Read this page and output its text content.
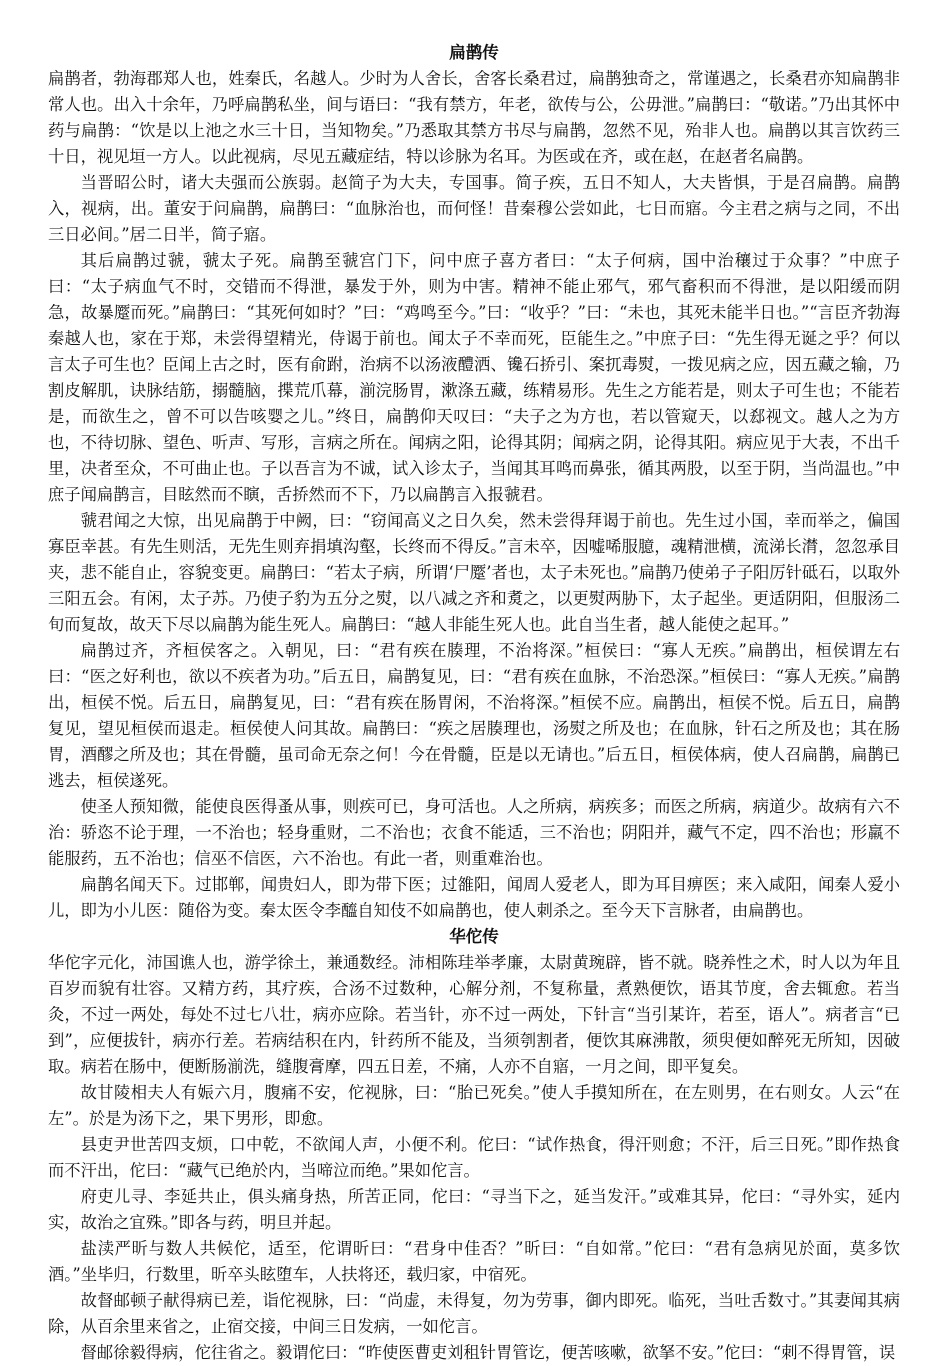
扁鹊传

扁鹊者，勃海郡郑人也，姓秦氏，名越人。少时为人舍长，舍客长桑君过，扁鹊独奇之，常谨遇之，长桑君亦知扁鹊非常人也。出入十余年，乃呼扁鹊私坐，间与语曰：“我有禁方，年老，欲传与公，公毋泄。”扁鹊曰：“敬诺。”乃出其怀中药与扁鹊：“饮是以上池之水三十日，当知物矣。”乃悉取其禁方书尽与扁鹊，忽然不见，殆非人也。扁鹊以其言饮药三十日，视见垣一方人。以此视病，尽见五藏症结，特以诊脉为名耳。为医或在齐，或在赵，在赵者名扁鹊。

当晋昭公时，诸大夫强而公族弱。赵简子为大夫，专国事。简子疾，五日不知人，大夫皆惧，于是召扁鹊。扁鹊入，视病，出。董安于问扁鹊，扁鹊曰：“血脉治也，而何怪！昔秦穆公尝如此，七日而寤。今主君之病与之同，不出三日必间。”居二日半，简子寤。

其后扁鹊过虢，虢太子死。扁鹊至虢宫门下，问中庶子喜方者曰：“太子何病，国中治穰过于众事？”中庶子曰：“太子病血气不时，交错而不得泄，暴发于外，则为中害。精神不能止邪气，邪气畜积而不得泄，是以阳缓而阴急，故暴蹷而死。”扁鹊曰：“其死何如时？”曰：“鸡鸣至今。”曰：“收乎？”曰：“未也，其死未能半日也。”“言臣齐勃海秦越人也，家在于郑，未尝得望精光，侍谒于前也。闻太子不幸而死，臣能生之。”中庶子曰：“先生得无诞之乎？何以言太子可生也？臣闻上古之时，医有俞跗，治病不以汤液醴洒、镵石挢引、案扤毒熨，一拨见病之应，因五藏之输，乃割皮解肌，诀脉结筋，搦髓脑，揲荒爪幕，湔浣肠胃，漱涤五藏，练精易形。先生之方能若是，则太子可生也；不能若是，而欲生之，曾不可以告咳婴之儿。”终日，扁鹊仰天叹曰：“夫子之为方也，若以管窥天，以郄视文。越人之为方也，不待切脉、望色、听声、写形，言病之所在。闻病之阳，论得其阴；闻病之阴，论得其阳。病应见于大表，不出千里，决者至众，不可曲止也。子以吾言为不诚，试入诊太子，当闻其耳鸣而鼻张，循其两股，以至于阴，当尚温也。”中庶子闻扁鹊言，目眩然而不瞚，舌挢然而不下，乃以扁鹊言入报虢君。

虢君闻之大惊，出见扁鹊于中阙，曰：“窃闻高义之日久矣，然未尝得拜谒于前也。先生过小国，幸而举之，偏国寡臣幸甚。有先生则活，无先生则弃捐填沟壑，长终而不得反。”言未卒，因嘘唏服臆，魂精泄横，流涕长潸，忽忽承目夹，悲不能自止，容貌变更。扁鹊曰：“若太子病，所谓‘尸蹷’者也，太子未死也。”扁鹊乃使弟子子阳厉针砥石，以取外三阳五会。有闲，太子苏。乃使子豹为五分之熨，以八减之齐和煑之，以更熨两胁下，太子起坐。更适阴阳，但服汤二旬而复故，故天下尽以扁鹊为能生死人。扁鹊曰：“越人非能生死人也。此自当生者，越人能使之起耳。”

扁鹊过齐，齐桓侯客之。入朝见，曰：“君有疾在腠理，不治将深。”桓侯曰：“寡人无疾。”扁鹊出，桓侯谓左右曰：“医之好利也，欲以不疾者为功。”后五日，扁鹊复见，曰：“君有疾在血脉，不治恐深。”桓侯曰：“寡人无疾。”扁鹊出，桓侯不悦。后五日，扁鹊复见，曰：“君有疾在肠胃闲，不治将深。”桓侯不应。扁鹊出，桓侯不悦。后五日，扁鹊复见，望见桓侯而退走。桓侯使人问其故。扁鹊曰：“疾之居腠理也，汤熨之所及也；在血脉，针石之所及也；其在肠胃，酒醪之所及也；其在骨髓，虽司命无奈之何！今在骨髓，臣是以无请也。”后五日，桓侯体病，使人召扁鹊，扁鹊已逃去，桓侯遂死。

使圣人预知微，能使良医得蚤从事，则疾可已，身可活也。人之所病，病疾多；而医之所病，病道少。故病有六不治：骄恣不论于理，一不治也；轻身重财，二不治也；衣食不能适，三不治也；阴阳并，藏气不定，四不治也；形羸不能服药，五不治也；信巫不信医，六不治也。有此一者，则重难治也。

扁鹊名闻天下。过邯郸，闻贵妇人，即为带下医；过雒阳，闻周人爱老人，即为耳目痹医；来入咸阳，闻秦人爱小儿，即为小儿医：随俗为变。秦太医令李醯自知伎不如扁鹊也，使人刺杀之。至今天下言脉者，由扁鹊也。

华佗传

华佗字元化，沛国谯人也，游学徐土，兼通数经。沛相陈珪举孝廉，太尉黄琬辟，皆不就。晓养性之术，时人以为年且百岁而貌有壮容。又精方药，其疗疾，合汤不过数种，心解分剂，不复称量，煮熟便饮，语其节度，舍去辄愈。若当灸，不过一两处，每处不过七八壮，病亦应除。若当针，亦不过一两处，下针言“当引某许，若至，语人”。病者言“已到”，应便拔针，病亦行差。若病结积在内，针药所不能及，当须刳割者，便饮其麻沸散，须臾便如醉死无所知，因破取。病若在肠中，便断肠湔洗，缝腹膏摩，四五日差，不痛，人亦不自寤，一月之间，即平复矣。

故甘陵相夫人有娠六月，腹痛不安，佗视脉，曰：“胎已死矣。”使人手摸知所在，在左则男，在右则女。人云“在左”。於是为汤下之，果下男形，即愈。

县吏尹世苦四支烦，口中乾，不欲闻人声，小便不利。佗曰：“试作热食，得汗则愈；不汗，后三日死。”即作热食而不汗出，佗曰：“藏气已绝於内，当啼泣而绝。”果如佗言。

府吏儿寻、李延共止，俱头痛身热，所苦正同，佗曰：“寻当下之，延当发汗。”或难其异，佗曰：“寻外实，延内实，故治之宜殊。”即各与药，明旦并起。

盐渎严昕与数人共候佗，适至，佗谓昕曰：“君身中佳否？”昕曰：“自如常。”佗曰：“君有急病见於面，莫多饮酒。”坐毕归，行数里，昕卒头眩堕车，人扶将还，载归家，中宿死。

故督邮顿子献得病已差，诣佗视脉，曰：“尚虚，未得复，勿为劳事，御内即死。临死，当吐舌数寸。”其妻闻其病除，从百余里来省之，止宿交接，中间三日发病，一如佗言。

督邮徐毅得病，佗往省之。毅谓佗曰：“昨使医曹吏刘租针胃管讫，便苦咳嗽，欲拏不安。”佗曰：“刺不得胃管，误
